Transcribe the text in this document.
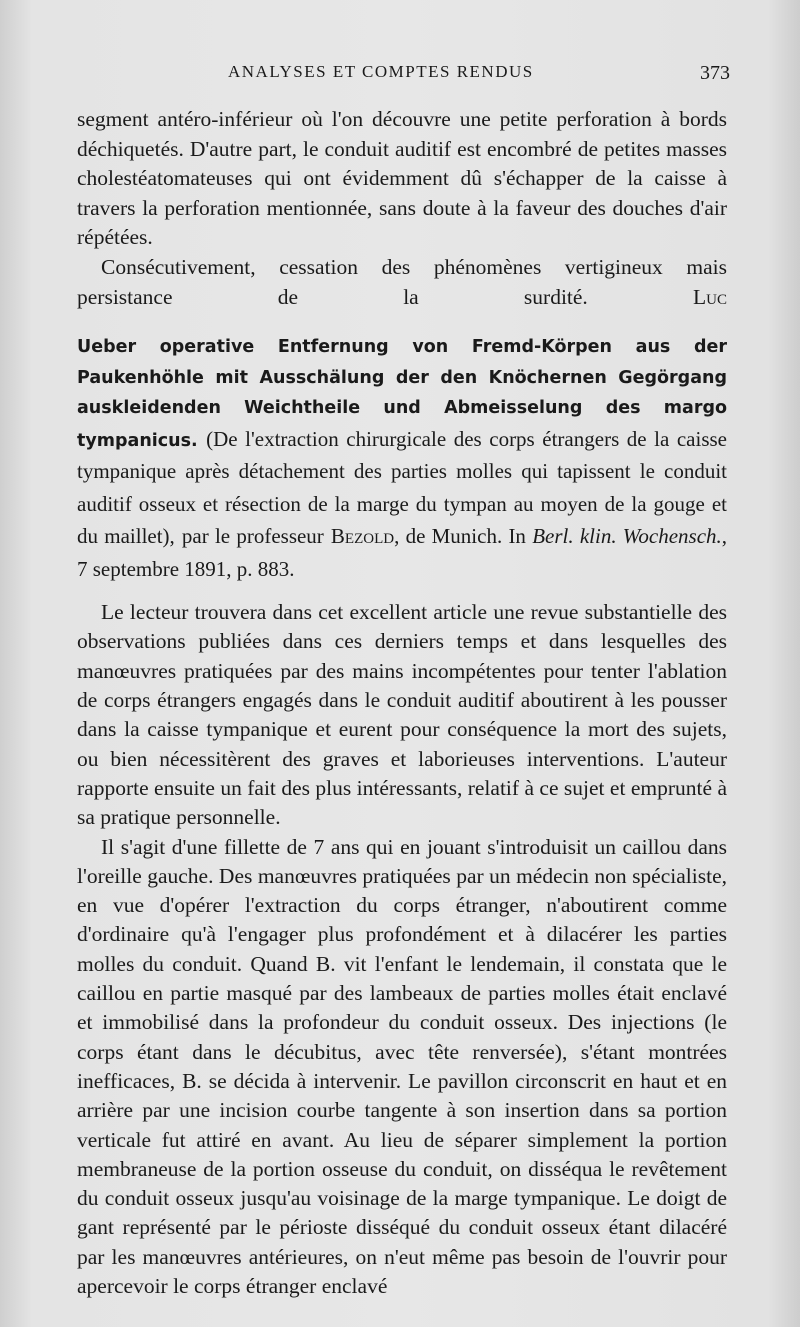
ANALYSES ET COMPTES RENDUS	373

segment antéro-inférieur où l'on découvre une petite perforation à bords déchiquetés. D'autre part, le conduit auditif est encombré de petites masses cholestéatomateuses qui ont évidemment dû s'échapper de la caisse à travers la perforation mentionnée, sans doute à la faveur des douches d'air répétées.

Consécutivement, cessation des phénomènes vertigineux mais persistance de la surdité.	Luc

Ueber operative Entfernung von Fremd-Körpen aus der Paukenhöhle mit Ausschälung der den Knöchernen Gegörgang auskleidenden Weichtheile und Abmeisselung des margo tympanicus. (De l'extraction chirurgicale des corps étrangers de la caisse tympanique après détachement des parties molles qui tapissent le conduit auditif osseux et résection de la marge du tympan au moyen de la gouge et du maillet), par le professeur Bezold, de Munich. In Berl. klin. Wochensch., 7 septembre 1891, p. 883.

Le lecteur trouvera dans cet excellent article une revue substantielle des observations publiées dans ces derniers temps et dans lesquelles des manœuvres pratiquées par des mains incompétentes pour tenter l'ablation de corps étrangers engagés dans le conduit auditif aboutirent à les pousser dans la caisse tympanique et eurent pour conséquence la mort des sujets, ou bien nécessitèrent des graves et laborieuses interventions. L'auteur rapporte ensuite un fait des plus intéressants, relatif à ce sujet et emprunté à sa pratique personnelle.

Il s'agit d'une fillette de 7 ans qui en jouant s'introduisit un caillou dans l'oreille gauche. Des manœuvres pratiquées par un médecin non spécialiste, en vue d'opérer l'extraction du corps étranger, n'aboutirent comme d'ordinaire qu'à l'engager plus profondément et à dilacérer les parties molles du conduit. Quand B. vit l'enfant le lendemain, il constata que le caillou en partie masqué par des lambeaux de parties molles était enclavé et immobilisé dans la profondeur du conduit osseux. Des injections (le corps étant dans le décubitus, avec tête renversée), s'étant montrées inefficaces, B. se décida à intervenir. Le pavillon circonscrit en haut et en arrière par une incision courbe tangente à son insertion dans sa portion verticale fut attiré en avant. Au lieu de séparer simplement la portion membraneuse de la portion osseuse du conduit, on disséqua le revêtement du conduit osseux jusqu'au voisinage de la marge tympanique. Le doigt de gant représenté par le périoste disséqué du conduit osseux étant dilacéré par les manœuvres antérieures, on n'eut même pas besoin de l'ouvrir pour apercevoir le corps étranger enclavé
